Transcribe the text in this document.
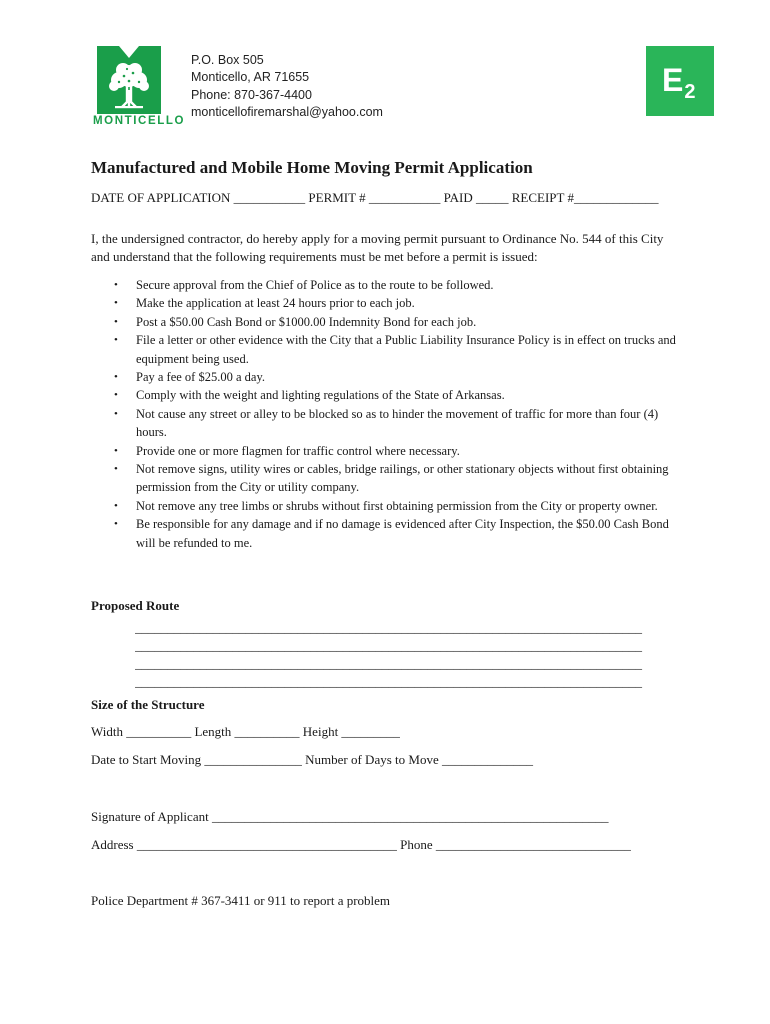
MONTICELLO
P.O. Box 505
Monticello, AR 71655
Phone: 870-367-4400
monticellofiremarshal@yahoo.com
$E_2$
Manufactured and Mobile Home Moving Permit Application
DATE OF APPLICATION ___________ PERMIT # ___________ PAID _____ RECEIPT #_____________
I, the undersigned contractor, do hereby apply for a moving permit pursuant to Ordinance No. 544 of this City and understand that the following requirements must be met before a permit is issued:
• Secure approval from the Chief of Police as to the route to be followed.
• Make the application at least 24 hours prior to each job.
• Post a $50.00 Cash Bond or $1000.00 Indemnity Bond for each job.
• File a letter or other evidence with the City that a Public Liability Insurance Policy is in effect on trucks and equipment being used.
• Pay a fee of $25.00 a day.
• Comply with the weight and lighting regulations of the State of Arkansas.
• Not cause any street or alley to be blocked so as to hinder the movement of traffic for more than four (4) hours.
• Provide one or more flagmen for traffic control where necessary.
• Not remove signs, utility wires or cables, bridge railings, or other stationary objects without first obtaining permission from the City or utility company.
• Not remove any tree limbs or shrubs without first obtaining permission from the City or property owner.
• Be responsible for any damage and if no damage is evidenced after City Inspection, the $50.00 Cash Bond will be refunded to me.
Proposed Route
______________________________________________________________________________
______________________________________________________________________________
______________________________________________________________________________
______________________________________________________________________________
Size of the Structure
Width __________ Length __________ Height _________
Date to Start Moving _______________ Number of Days to Move ______________
Signature of Applicant _____________________________________________________________
Address ________________________________________ Phone ______________________________
Police Department # 367-3411 or 911 to report a problem
